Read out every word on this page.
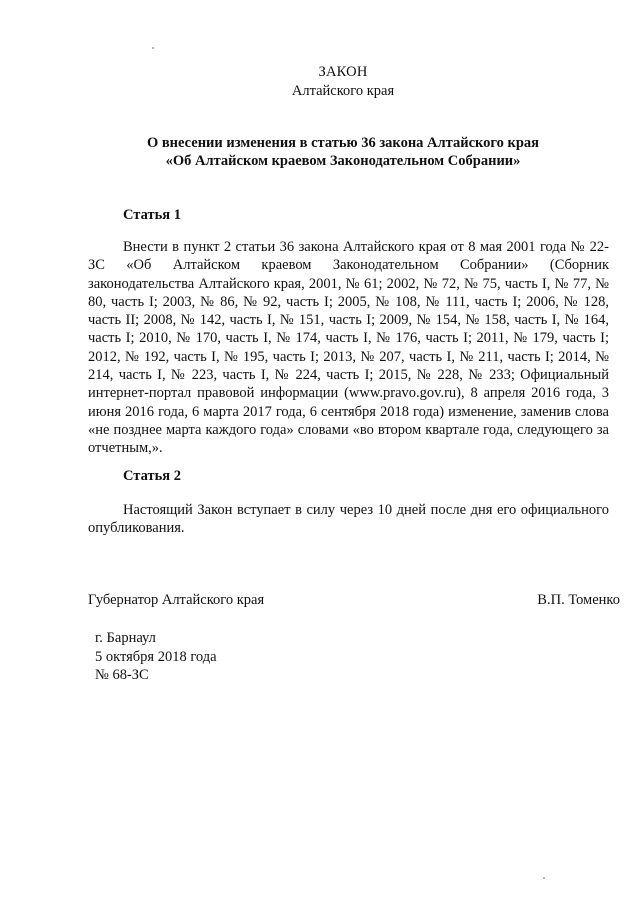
ЗАКОН
Алтайского края
О внесении изменения в статью 36 закона Алтайского края
«Об Алтайском краевом Законодательном Собрании»
Статья 1

Внести в пункт 2 статьи 36 закона Алтайского края от 8 мая 2001 года № 22-ЗС «Об Алтайском краевом Законодательном Собрании» (Сборник законодательства Алтайского края, 2001, № 61; 2002, № 72, № 75, часть I, № 77, № 80, часть I; 2003, № 86, № 92, часть I; 2005, № 108, № 111, часть I; 2006, № 128, часть II; 2008, № 142, часть I, № 151, часть I; 2009, № 154, № 158, часть I, № 164, часть I; 2010, № 170, часть I, № 174, часть I, № 176, часть I; 2011, № 179, часть I; 2012, № 192, часть I, № 195, часть I; 2013, № 207, часть I, № 211, часть I; 2014, № 214, часть I, № 223, часть I, № 224, часть I; 2015, № 228, № 233; Официальный интернет-портал правовой информации (www.pravo.gov.ru), 8 апреля 2016 года, 3 июня 2016 года, 6 марта 2017 года, 6 сентября 2018 года) изменение, заменив слова «не позднее марта каждого года» словами «во втором квартале года, следующего за отчетным,».

Статья 2

Настоящий Закон вступает в силу через 10 дней после дня его официального опубликования.

Губернатор Алтайского края	В.П. Томенко
г. Барнаул
5 октября 2018 года
№ 68-ЗС
